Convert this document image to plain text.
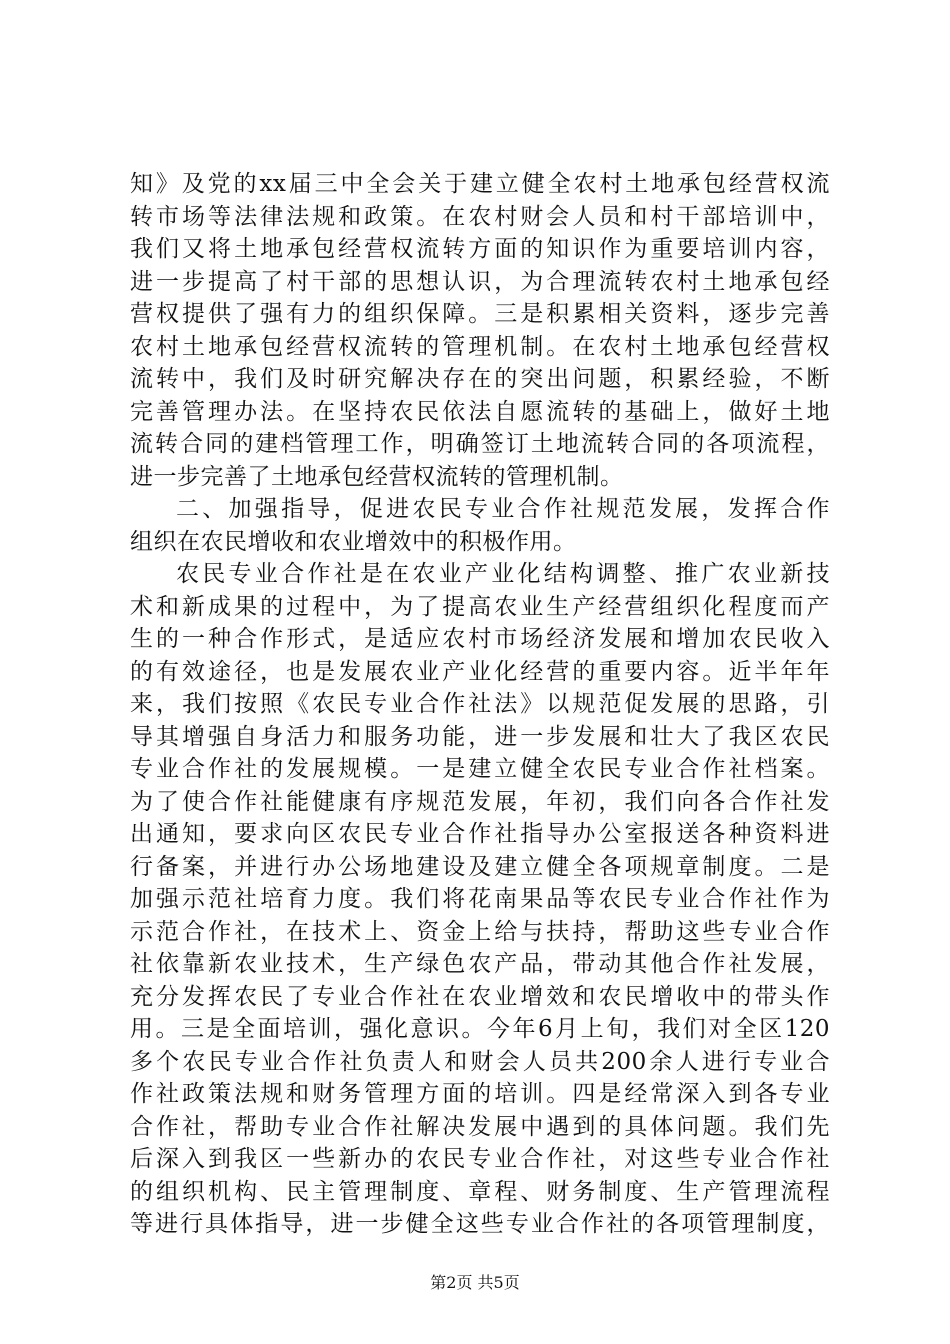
知》及党的xx届三中全会关于建立健全农村土地承包经营权流
转市场等法律法规和政策。在农村财会人员和村干部培训中，
我们又将土地承包经营权流转方面的知识作为重要培训内容，
进一步提高了村干部的思想认识，为合理流转农村土地承包经
营权提供了强有力的组织保障。三是积累相关资料，逐步完善
农村土地承包经营权流转的管理机制。在农村土地承包经营权
流转中，我们及时研究解决存在的突出问题，积累经验，不断
完善管理办法。在坚持农民依法自愿流转的基础上，做好土地
流转合同的建档管理工作，明确签订土地流转合同的各项流程，
进一步完善了土地承包经营权流转的管理机制。
二、加强指导，促进农民专业合作社规范发展，发挥合作
组织在农民增收和农业增效中的积极作用。
农民专业合作社是在农业产业化结构调整、推广农业新技
术和新成果的过程中，为了提高农业生产经营组织化程度而产
生的一种合作形式，是适应农村市场经济发展和增加农民收入
的有效途径，也是发展农业产业化经营的重要内容。近半年年
来，我们按照《农民专业合作社法》以规范促发展的思路，引
导其增强自身活力和服务功能，进一步发展和壮大了我区农民
专业合作社的发展规模。一是建立健全农民专业合作社档案。
为了使合作社能健康有序规范发展，年初，我们向各合作社发
出通知，要求向区农民专业合作社指导办公室报送各种资料进
行备案，并进行办公场地建设及建立健全各项规章制度。二是
加强示范社培育力度。我们将花南果品等农民专业合作社作为
示范合作社，在技术上、资金上给与扶持，帮助这些专业合作
社依靠新农业技术，生产绿色农产品，带动其他合作社发展，
充分发挥农民了专业合作社在农业增效和农民增收中的带头作
用。三是全面培训，强化意识。今年6月上旬，我们对全区120
多个农民专业合作社负责人和财会人员共200余人进行专业合
作社政策法规和财务管理方面的培训。四是经常深入到各专业
合作社，帮助专业合作社解决发展中遇到的具体问题。我们先
后深入到我区一些新办的农民专业合作社，对这些专业合作社
的组织机构、民主管理制度、章程、财务制度、生产管理流程
等进行具体指导，进一步健全这些专业合作社的各项管理制度，
第2页 共5页
